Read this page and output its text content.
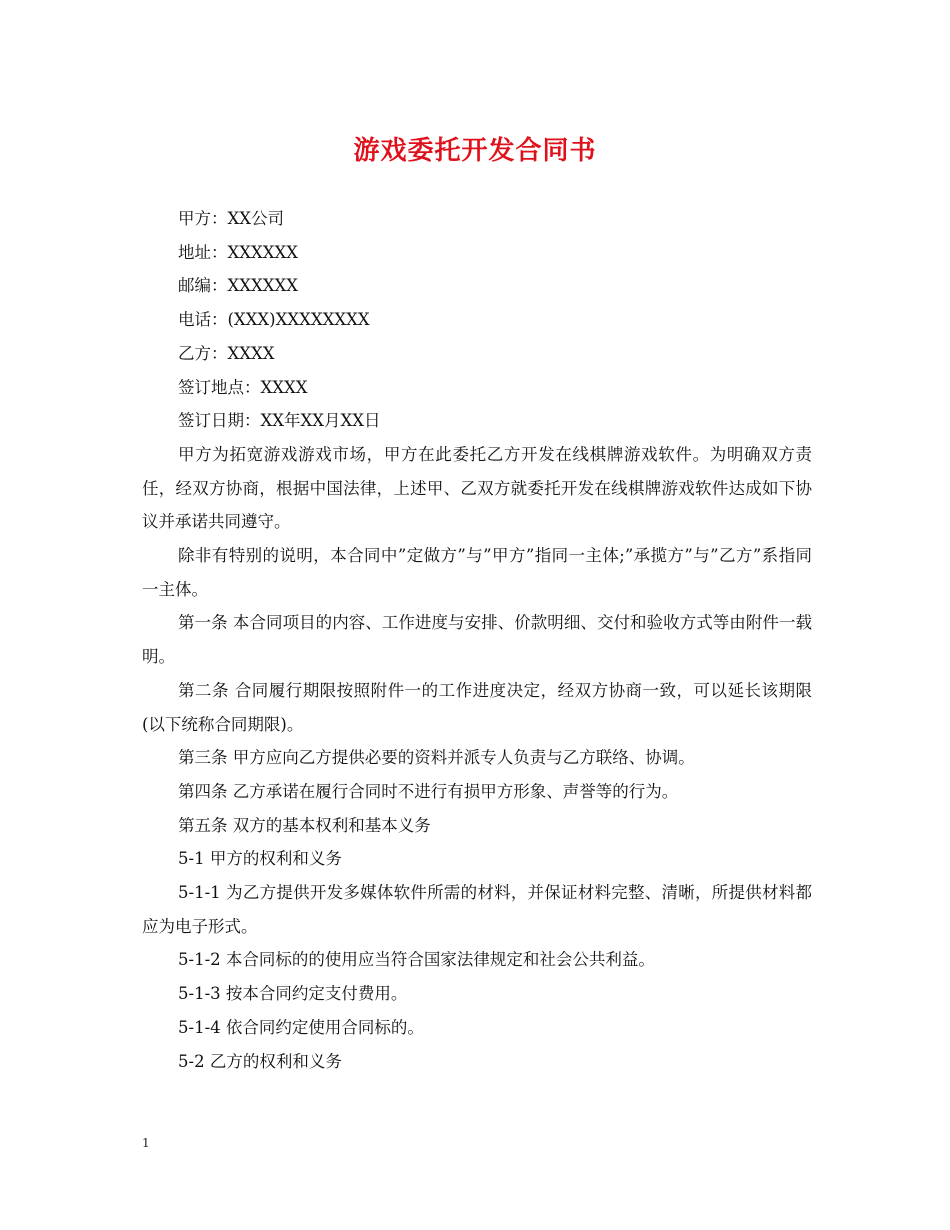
游戏委托开发合同书

甲方：XX公司

地址：XXXXXX

邮编：XXXXXX

电话：(XXX)XXXXXXXX

乙方：XXXX

签订地点：XXXX

签订日期：XX年XX月XX日

甲方为拓宽游戏游戏市场，甲方在此委托乙方开发在线棋牌游戏软件。为明确双方责任，经双方协商，根据中国法律，上述甲、乙双方就委托开发在线棋牌游戏软件达成如下协议并承诺共同遵守。

除非有特别的说明，本合同中”定做方”与”甲方”指同一主体;”承揽方”与”乙方”系指同一主体。

第一条 本合同项目的内容、工作进度与安排、价款明细、交付和验收方式等由附件一载明。

第二条 合同履行期限按照附件一的工作进度决定，经双方协商一致，可以延长该期限(以下统称合同期限)。

第三条 甲方应向乙方提供必要的资料并派专人负责与乙方联络、协调。

第四条 乙方承诺在履行合同时不进行有损甲方形象、声誉等的行为。

第五条 双方的基本权利和基本义务

5-1 甲方的权利和义务

5-1-1 为乙方提供开发多媒体软件所需的材料，并保证材料完整、清晰，所提供材料都应为电子形式。

5-1-2 本合同标的的使用应当符合国家法律规定和社会公共利益。

5-1-3 按本合同约定支付费用。

5-1-4 依合同约定使用合同标的。

5-2 乙方的权利和义务

1
